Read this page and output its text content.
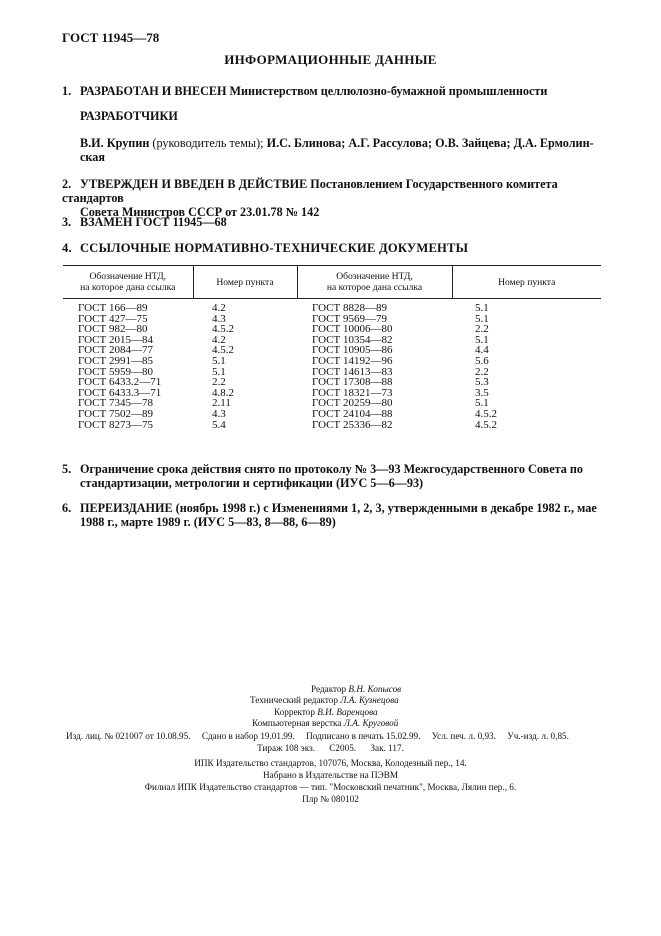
ГОСТ 11945—78
ИНФОРМАЦИОННЫЕ ДАННЫЕ
1. РАЗРАБОТАН И ВНЕСЕН Министерством целлюлозно-бумажной промышленности
РАЗРАБОТЧИКИ
В.И. Крупин (руководитель темы); И.С. Блинова; А.Г. Рассулова; О.В. Зайцева; Д.А. Ермолин-
ская
2. УТВЕРЖДЕН И ВВЕДЕН В ДЕЙСТВИЕ Постановлением Государственного комитета стандартов

Совета Министров СССР от 23.01.78 № 142
3. ВЗАМЕН ГОСТ 11945—68
4. ССЫЛОЧНЫЕ НОРМАТИВНО-ТЕХНИЧЕСКИЕ ДОКУМЕНТЫ
Обозначение НТД,
на которое дана ссылка	Номер пункта	Обозначение НТД,
на которое дана ссылка	Номер пункта
ГОСТ 166—89	4.2	ГОСТ 8828—89	5.1
ГОСТ 427—75	4.3	ГОСТ 9569—79	5.1
ГОСТ 982—80	4.5.2	ГОСТ 10006—80	2.2
ГОСТ 2015—84	4.2	ГОСТ 10354—82	5.1
ГОСТ 2084—77	4.5.2	ГОСТ 10905—86	4.4
ГОСТ 2991—85	5.1	ГОСТ 14192—96	5.6
ГОСТ 5959—80	5.1	ГОСТ 14613—83	2.2
ГОСТ 6433.2—71	2.2	ГОСТ 17308—88	5.3
ГОСТ 6433.3—71	4.8.2	ГОСТ 18321—73	3.5
ГОСТ 7345—78	2.11	ГОСТ 20259—80	5.1
ГОСТ 7502—89	4.3	ГОСТ 24104—88	4.5.2
ГОСТ 8273—75	5.4	ГОСТ 25336—82	4.5.2
5. Ограничение срока действия снято по протоколу № 3—93 Межгосударственного Совета по

стандартизации, метрологии и сертификации (ИУС 5—6—93)
6. ПЕРЕИЗДАНИЕ (ноябрь 1998 г.) с Изменениями 1, 2, 3, утвержденными в декабре 1982 г., мае

1988 г., марте 1989 г. (ИУС 5—83, 8—88, 6—89)
Редактор В.Н. Копысов
Технический редактор Л.А. Кузнецова
Корректор В.И. Варенцова
Компьютерная верстка Л.А. Круговой
Изд. лиц. № 021007 от 10.08.95. Сдано в набор 19.01.99. Подписано в печать 15.02.99. Усл. печ. л. 0,93. Уч.-изд. л. 0,85.
Тираж 108 экз. С2005. Зак. 117.
ИПК Издательство стандартов, 107076, Москва, Колодезный пер., 14.
Набрано в Издательстве на ПЭВМ
Филиал ИПК Издательство стандартов — тип. "Московский печатник", Москва, Лялин пер., 6.
Плр № 080102
